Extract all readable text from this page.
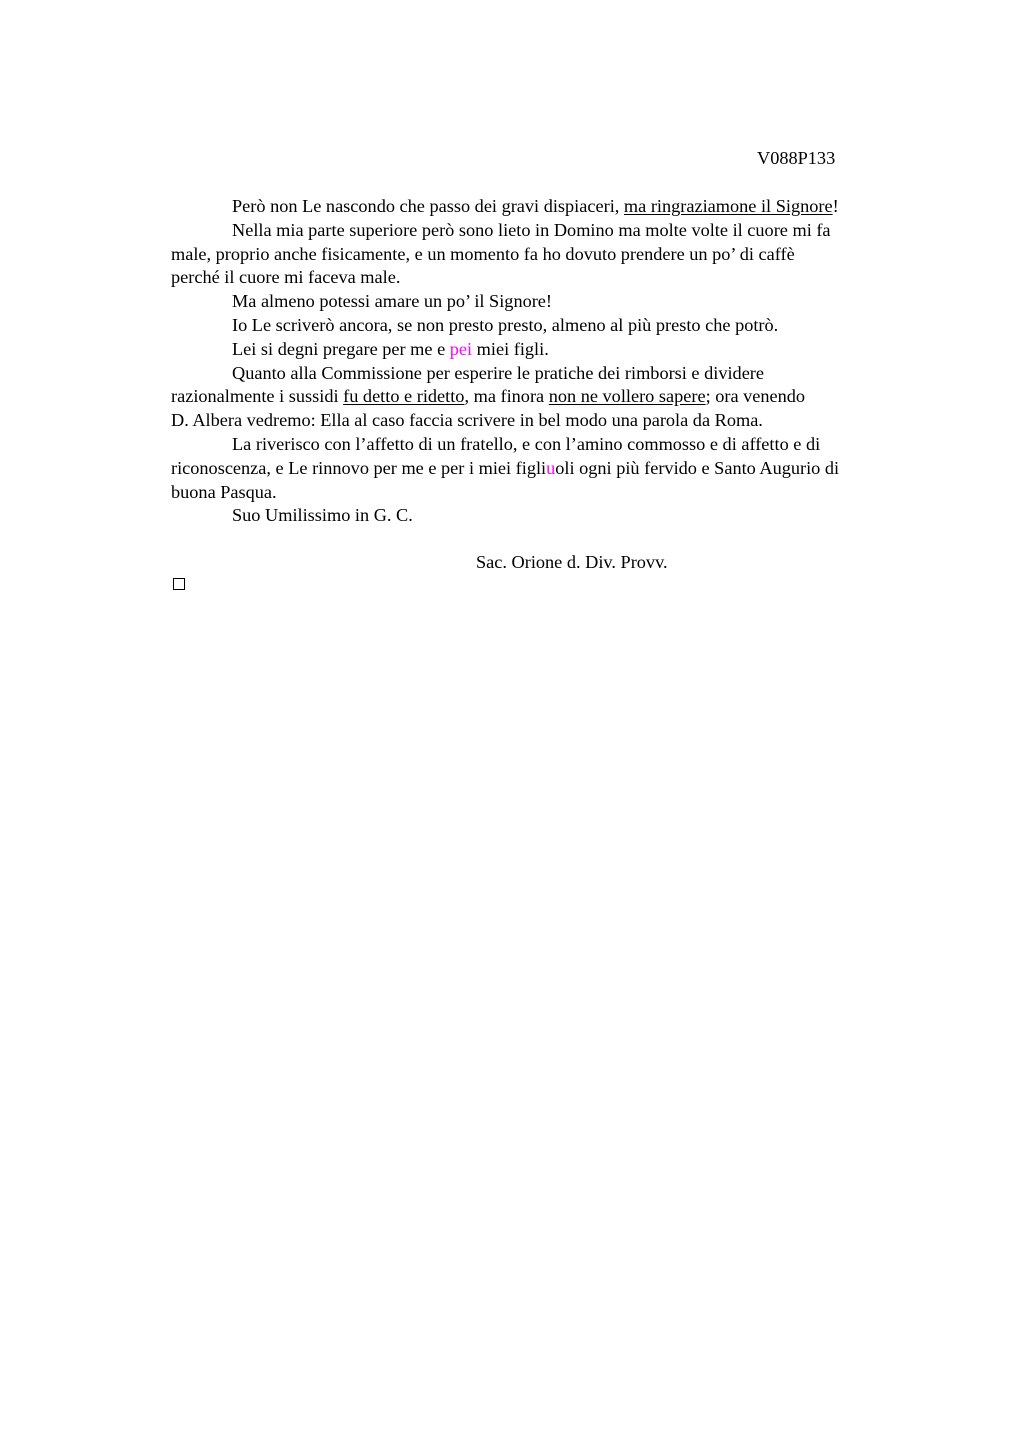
V088P133
Però non Le nascondo che passo dei gravi dispiaceri, ma ringraziamone il Signore!
Nella mia parte superiore però sono lieto in Domino ma molte volte il cuore mi fa
male, proprio anche fisicamente, e un momento fa ho dovuto prendere un po’ di caffè
perché il cuore mi faceva male.
Ma almeno potessi amare un po’ il Signore!
Io Le scriverò ancora, se non presto presto, almeno al più presto che potrò.
Lei si degni pregare per me e pei miei figli.
Quanto alla Commissione per esperire le pratiche dei rimborsi e dividere
razionalmente i sussidi fu detto e ridetto, ma finora non ne vollero sapere; ora venendo
D. Albera vedremo: Ella al caso faccia scrivere in bel modo una parola da Roma.
La riverisco con l’affetto di un fratello, e con l’amino commosso e di affetto e di
riconoscenza, e Le rinnovo per me e per i miei figliuoli ogni più fervido e Santo Augurio di
buona Pasqua.
Suo Umilissimo in G. C.
Sac. Orione d. Div. Provv.
